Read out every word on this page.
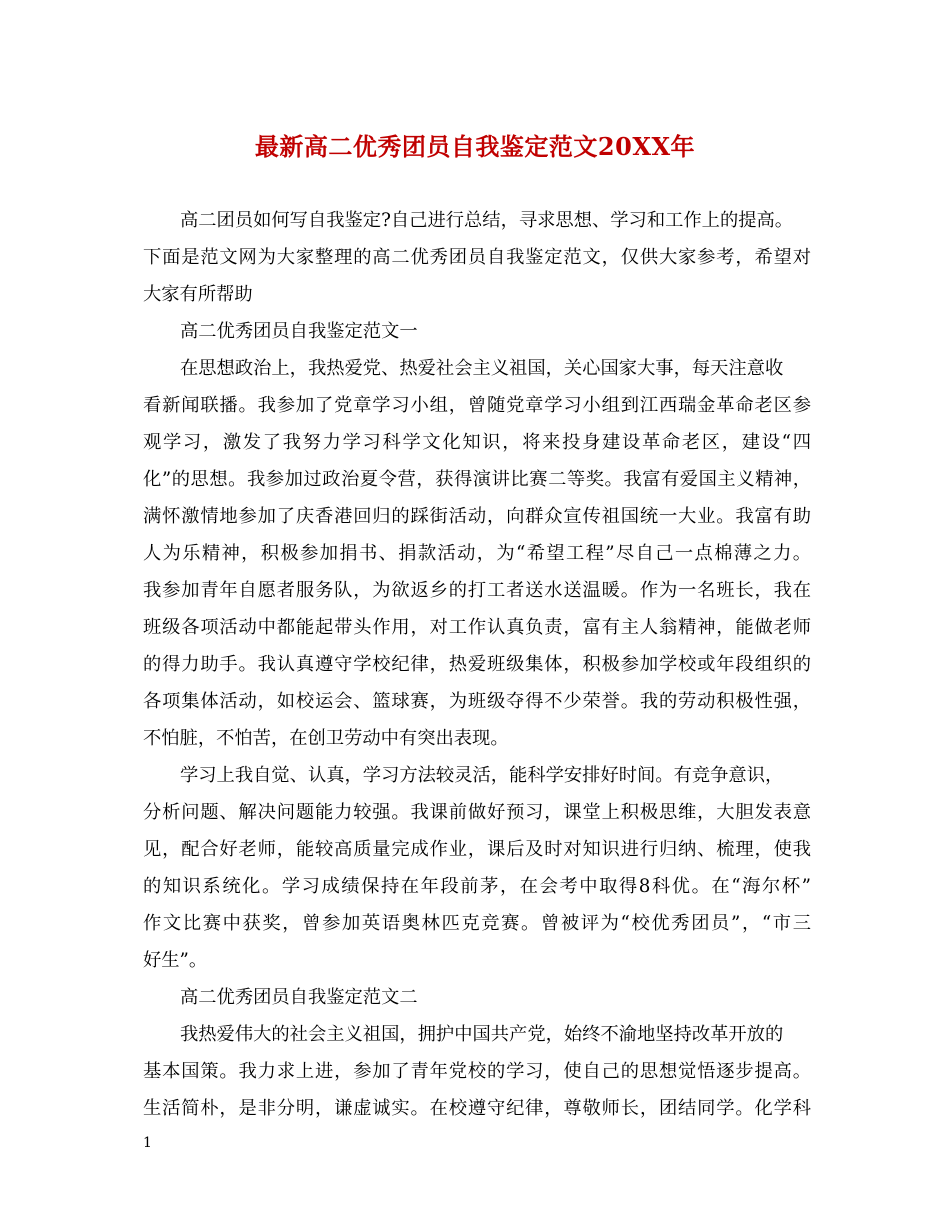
最新高二优秀团员自我鉴定范文20XX年
高二团员如何写自我鉴定?自己进行总结，寻求思想、学习和工作上的提高。
下面是范文网为大家整理的高二优秀团员自我鉴定范文，仅供大家参考，希望对
大家有所帮助
高二优秀团员自我鉴定范文一
在思想政治上，我热爱党、热爱社会主义祖国，关心国家大事，每天注意收
看新闻联播。我参加了党章学习小组，曾随党章学习小组到江西瑞金革命老区参
观学习，激发了我努力学习科学文化知识，将来投身建设革命老区，建设“四
化”的思想。我参加过政治夏令营，获得演讲比赛二等奖。我富有爱国主义精神，
满怀激情地参加了庆香港回归的踩街活动，向群众宣传祖国统一大业。我富有助
人为乐精神，积极参加捐书、捐款活动，为“希望工程”尽自己一点棉薄之力。
我参加青年自愿者服务队，为欲返乡的打工者送水送温暖。作为一名班长，我在
班级各项活动中都能起带头作用，对工作认真负责，富有主人翁精神，能做老师
的得力助手。我认真遵守学校纪律，热爱班级集体，积极参加学校或年段组织的
各项集体活动，如校运会、篮球赛，为班级夺得不少荣誉。我的劳动积极性强，
不怕脏，不怕苦，在创卫劳动中有突出表现。
学习上我自觉、认真，学习方法较灵活，能科学安排好时间。有竞争意识，
分析问题、解决问题能力较强。我课前做好预习，课堂上积极思维，大胆发表意
见，配合好老师，能较高质量完成作业，课后及时对知识进行归纳、梳理，使我
的知识系统化。学习成绩保持在年段前茅，在会考中取得8科优。在“海尔杯”
作文比赛中获奖，曾参加英语奥林匹克竞赛。曾被评为“校优秀团员”，“市三
好生”。
高二优秀团员自我鉴定范文二
我热爱伟大的社会主义祖国，拥护中国共产党，始终不渝地坚持改革开放的
基本国策。我力求上进，参加了青年党校的学习，使自己的思想觉悟逐步提高。
生活简朴，是非分明，谦虚诚实。在校遵守纪律，尊敬师长，团结同学。化学科
1
